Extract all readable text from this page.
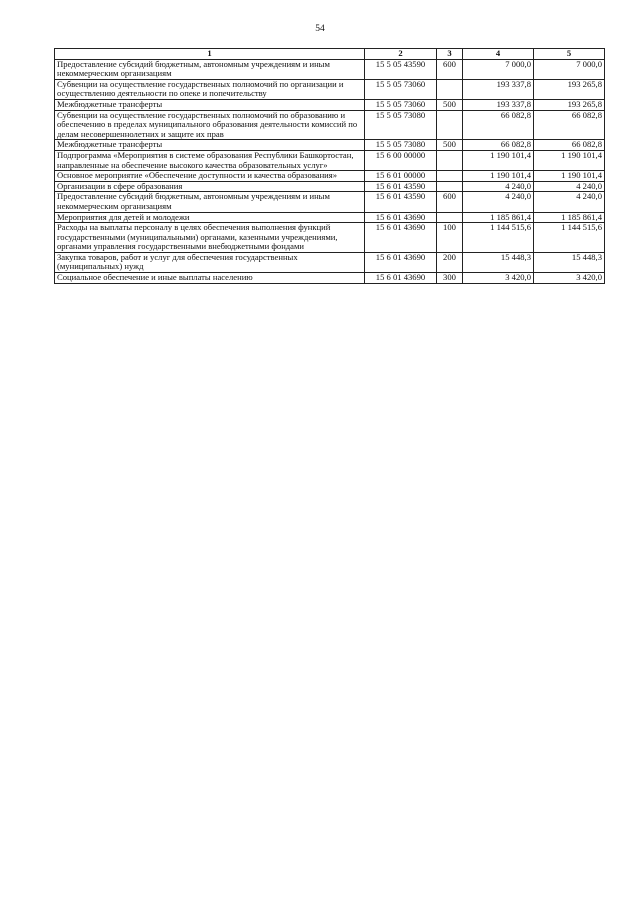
54
1	2	3	4	5
Предоставление субсидий бюджетным, автономным учреждениям и иным некоммерческим организациям	15 5 05 43590	600	7 000,0	7 000,0
Субвенции на осуществление государственных полномочий по организации и осуществлению деятельности по опеке и попечительству	15 5 05 73060		193 337,8	193 265,8
Межбюджетные трансферты	15 5 05 73060	500	193 337,8	193 265,8
Субвенции на осуществление государственных полномочий по образованию и обеспечению в пределах муниципального образования деятельности комиссий по делам несовершеннолетних и защите их прав	15 5 05 73080		66 082,8	66 082,8
Межбюджетные трансферты	15 5 05 73080	500	66 082,8	66 082,8
Подпрограмма «Мероприятия в системе образования Республики Башкортостан, направленные на обеспечение высокого качества образовательных услуг»	15 6 00 00000		1 190 101,4	1 190 101,4
Основное мероприятие «Обеспечение доступности и качества образования»	15 6 01 00000		1 190 101,4	1 190 101,4
Организации в сфере образования	15 6 01 43590		4 240,0	4 240,0
Предоставление субсидий бюджетным, автономным учреждениям и иным некоммерческим организациям	15 6 01 43590	600	4 240,0	4 240,0
Мероприятия для детей и молодежи	15 6 01 43690		1 185 861,4	1 185 861,4
Расходы на выплаты персоналу в целях обеспечения выполнения функций государственными (муниципальными) органами, казенными учреждениями, органами управления государственными внебюджетными фондами	15 6 01 43690	100	1 144 515,6	1 144 515,6
Закупка товаров, работ и услуг для обеспечения государственных (муниципальных) нужд	15 6 01 43690	200	15 448,3	15 448,3
Социальное обеспечение и иные выплаты населению	15 6 01 43690	300	3 420,0	3 420,0
